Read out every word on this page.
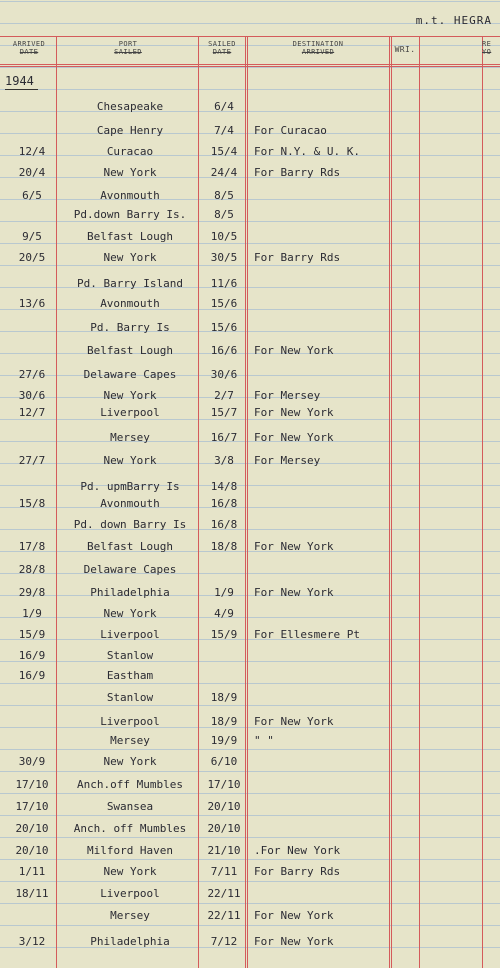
m.t. HEGRA
ARRIVED
DATE
PORT
SAILED
SAILED
DATE
DESTINATION
ARRIVED	WRI.
RE
YO
1944
Chesapeake	6/4
Cape Henry	7/4	For Curacao
12/4	Curacao	15/4	For N.Y. & U. K.
20/4	New York	24/4	For Barry Rds
6/5	Avonmouth	8/5
Pd.down Barry Is.	8/5
9/5	Belfast Lough	10/5
20/5	New York	30/5	For Barry Rds
Pd. Barry Island	11/6
13/6	Avonmouth	15/6
Pd. Barry Is	15/6
Belfast Lough	16/6	For New York
27/6	Delaware Capes	30/6
30/6	New York	2/7	For Mersey
12/7	Liverpool	15/7	For New York
Mersey	16/7	For New York
27/7	New York	3/8	For Mersey
Pd. upmBarry Is	14/8
15/8	Avonmouth	16/8
Pd. down Barry Is	16/8
17/8	Belfast Lough	18/8	For New York
28/8	Delaware Capes
29/8	Philadelphia	1/9	For New York
1/9	New York	4/9
15/9	Liverpool	15/9	For Ellesmere Pt
16/9	Stanlow
16/9	Eastham
Stanlow	18/9
Liverpool	18/9	For New York
Mersey	19/9	" "
30/9	New York	6/10
17/10	Anch.off Mumbles	17/10
17/10	Swansea	20/10
20/10	Anch. off Mumbles	20/10
20/10	Milford Haven	21/10	.For New York
1/11	New York	7/11	For Barry Rds
18/11	Liverpool	22/11
Mersey	22/11	For New York
3/12	Philadelphia	7/12	For New York
